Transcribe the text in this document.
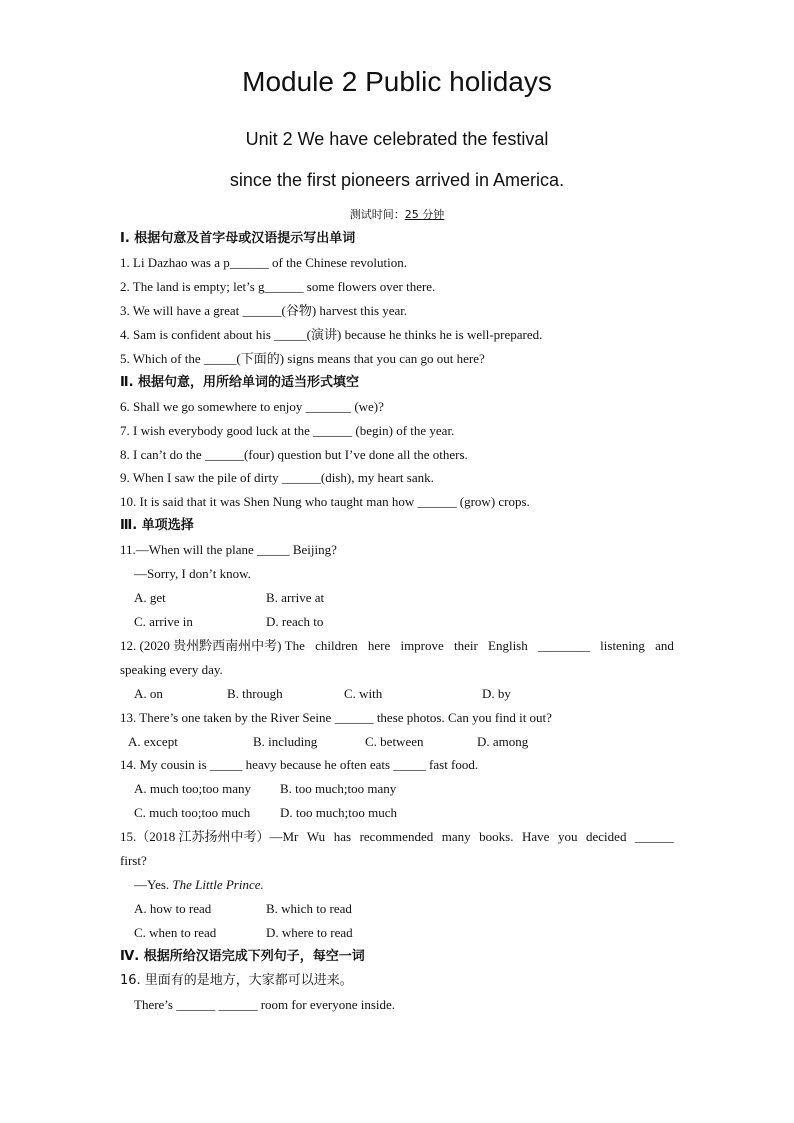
Module 2 Public holidays
Unit 2 We have celebrated the festival
since the first pioneers arrived in America.
测试时间：25 分钟
Ⅰ. 根据句意及首字母或汉语提示写出单词
1. Li Dazhao was a p______ of the Chinese revolution.
2. The land is empty; let’s g______ some flowers over there.
3. We will have a great ______(谷物) harvest this year.
4. Sam is confident about his _____(演讲) because he thinks he is well-prepared.
5. Which of the _____(下面的) signs means that you can go out here?
Ⅱ. 根据句意，用所给单词的适当形式填空
6. Shall we go somewhere to enjoy _______ (we)?
7. I wish everybody good luck at the ______ (begin) of the year.
8. I can’t do the ______(four) question but I’ve done all the others.
9. When I saw the pile of dirty ______(dish), my heart sank.
10. It is said that it was Shen Nung who taught man how ______ (grow) crops.
Ⅲ. 单项选择
11.—When will the plane _____ Beijing?
—Sorry, I don’t know.
A. get	B. arrive at
C. arrive in	D. reach to
12. (2020 贵州黔西南州中考) The children here improve their English ________ listening and
speaking every day.
A. on	B. through	C. with	D. by
13. There’s one taken by the River Seine ______ these photos. Can you find it out?
A. except	B. including	C. between	D. among
14. My cousin is _____ heavy because he often eats _____ fast food.
A. much too;too many B. too much;too many
C. much too;too much D. too much;too much
15.（2018 江苏扬州中考）—Mr Wu has recommended many books. Have you decided ______
first?
—Yes. The Little Prince.
A. how to read	B. which to read
C. when to read	D. where to read
Ⅳ. 根据所给汉语完成下列句子，每空一词
16. 里面有的是地方，大家都可以进来。
There’s ______ ______ room for everyone inside.
